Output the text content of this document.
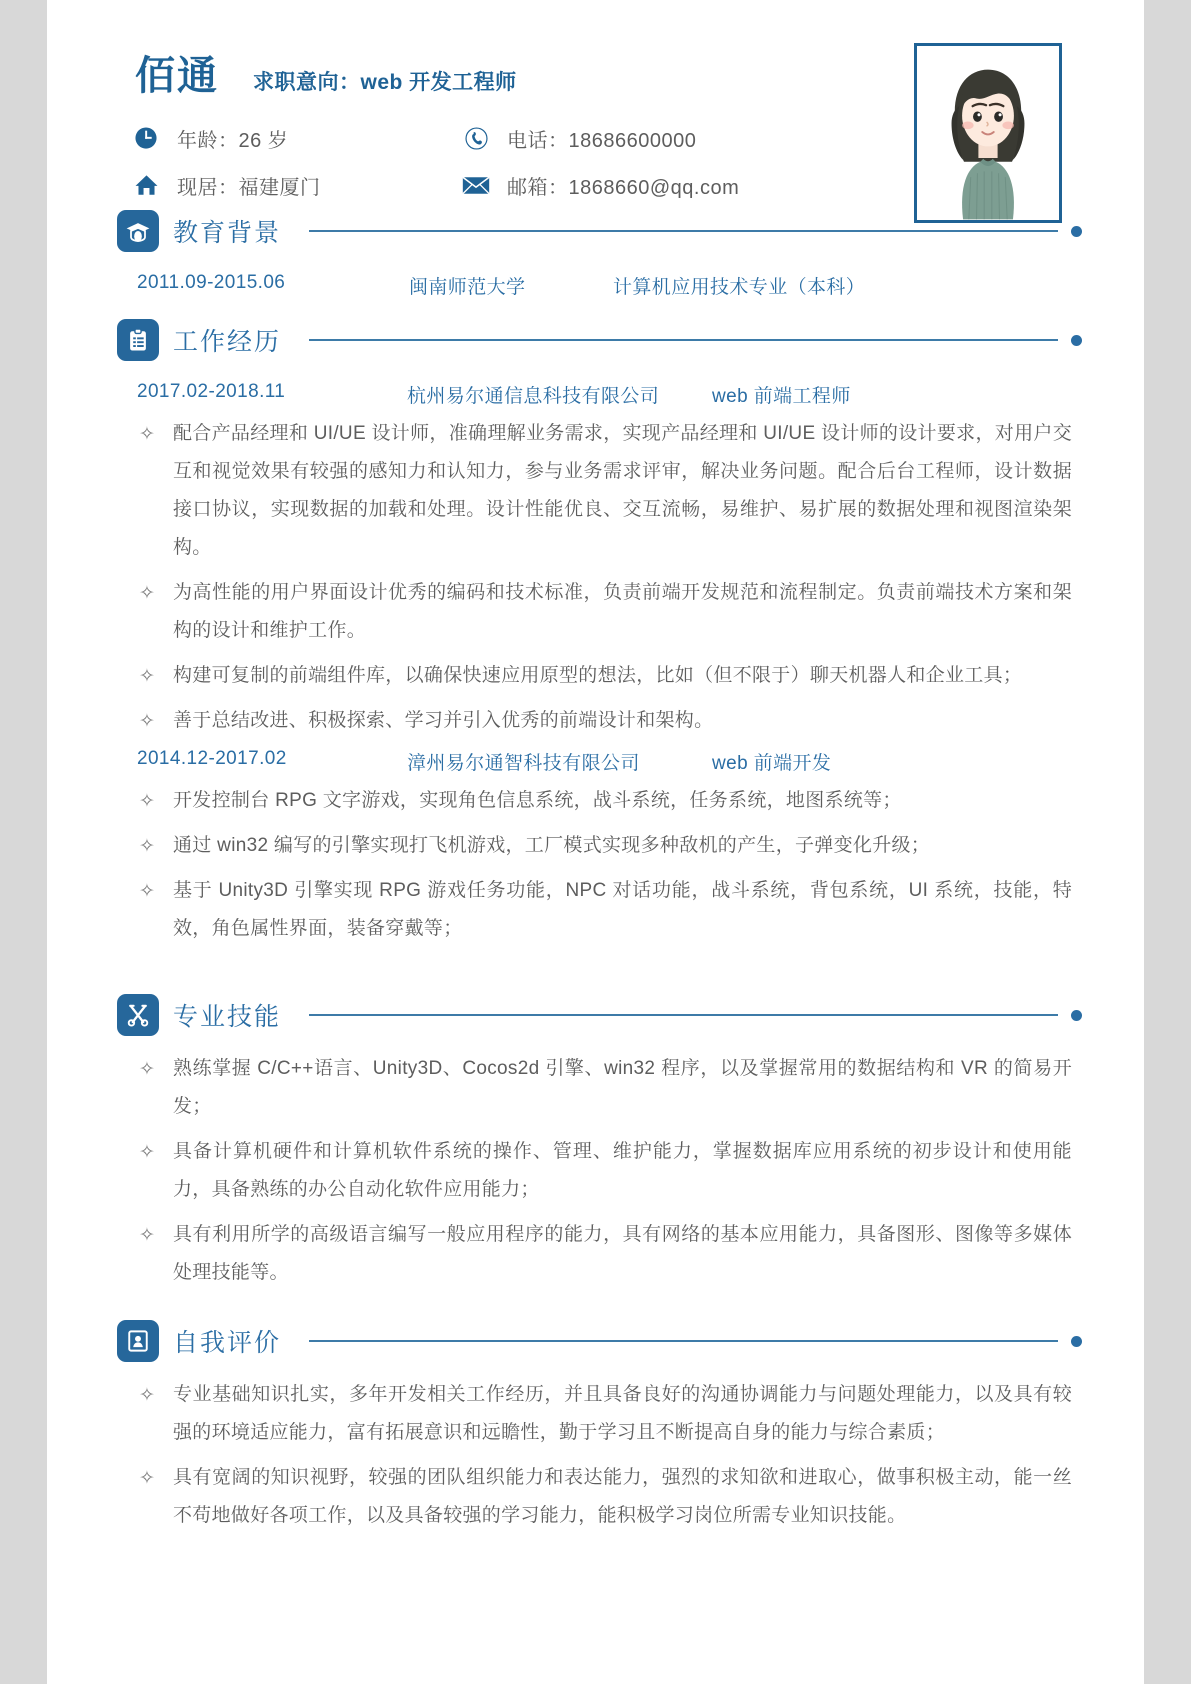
佰通 求职意向：web 开发工程师
年龄：26 岁	电话：18686600000
现居：福建厦门	邮箱：1868660@qq.com
教育背景
2011.09-2015.06	闽南师范大学	计算机应用技术专业（本科）
工作经历
2017.02-2018.11	杭州易尔通信息科技有限公司	web 前端工程师
✧ 配合产品经理和 UI/UE 设计师，准确理解业务需求，实现产品经理和 UI/UE 设计师的设计要求，对用户交互和视觉效果有较强的感知力和认知力，参与业务需求评审，解决业务问题。配合后台工程师，设计数据接口协议，实现数据的加载和处理。设计性能优良、交互流畅，易维护、易扩展的数据处理和视图渲染架构。
✧ 为高性能的用户界面设计优秀的编码和技术标准，负责前端开发规范和流程制定。负责前端技术方案和架构的设计和维护工作。
✧ 构建可复制的前端组件库，以确保快速应用原型的想法，比如（但不限于）聊天机器人和企业工具；
✧ 善于总结改进、积极探索、学习并引入优秀的前端设计和架构。
2014.12-2017.02	漳州易尔通智科技有限公司	web 前端开发
✧ 开发控制台 RPG 文字游戏，实现角色信息系统，战斗系统，任务系统，地图系统等；
✧ 通过 win32 编写的引擎实现打飞机游戏，工厂模式实现多种敌机的产生，子弹变化升级；
✧ 基于 Unity3D 引擎实现 RPG 游戏任务功能，NPC 对话功能，战斗系统，背包系统，UI 系统，技能，特效，角色属性界面，装备穿戴等；
专业技能
✧ 熟练掌握 C/C++语言、Unity3D、Cocos2d 引擎、win32 程序，以及掌握常用的数据结构和 VR 的简易开发；
✧ 具备计算机硬件和计算机软件系统的操作、管理、维护能力，掌握数据库应用系统的初步设计和使用能力，具备熟练的办公自动化软件应用能力；
✧ 具有利用所学的高级语言编写一般应用程序的能力，具有网络的基本应用能力，具备图形、图像等多媒体处理技能等。
自我评价
✧ 专业基础知识扎实，多年开发相关工作经历，并且具备良好的沟通协调能力与问题处理能力，以及具有较强的环境适应能力，富有拓展意识和远瞻性，勤于学习且不断提高自身的能力与综合素质；
✧ 具有宽阔的知识视野，较强的团队组织能力和表达能力，强烈的求知欲和进取心，做事积极主动，能一丝不苟地做好各项工作，以及具备较强的学习能力，能积极学习岗位所需专业知识技能。
